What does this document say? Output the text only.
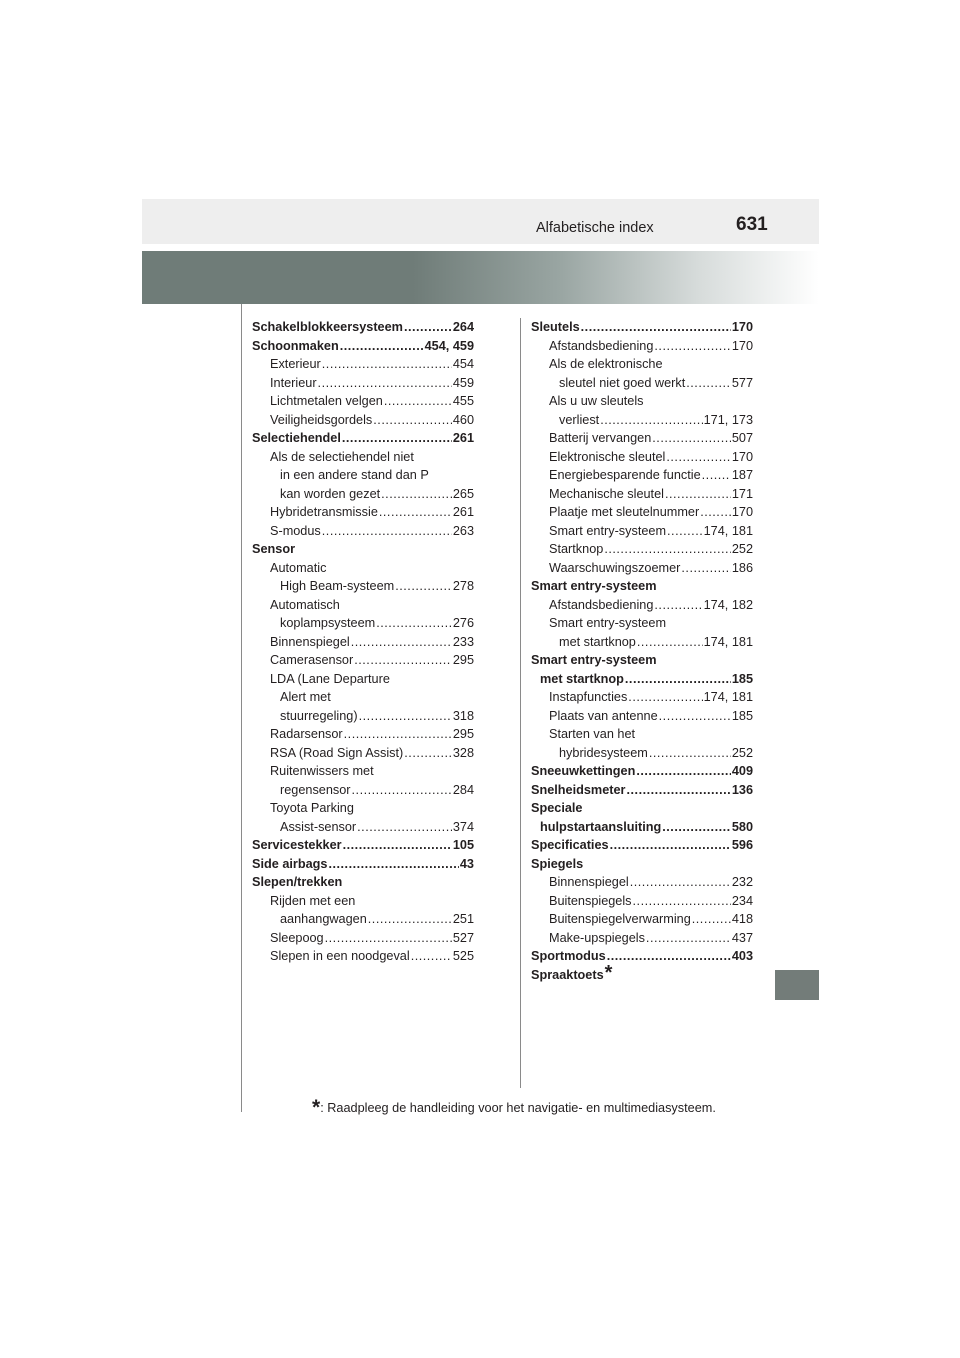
Alfabetische index	631
Schakelblokkeersysteem .....	264
Schoonmaken .....	454, 459
Exterieur .....	454
Interieur .....	459
Lichtmetalen velgen .....	455
Veiligheidsgordels .....	460
Selectiehendel .....	261
Als de selectiehendel niet
in een andere stand dan P
kan worden gezet .....	265
Hybridetransmissie .....	261
S-modus .....	263
Sensor
Automatic
High Beam-systeem .....	278
Automatisch
koplampsysteem .....	276
Binnenspiegel .....	233
Camerasensor .....	295
LDA (Lane Departure
Alert met
stuurregeling) .....	318
Radarsensor .....	295
RSA (Road Sign Assist) .....	328
Ruitenwissers met
regensensor .....	284
Toyota Parking
Assist-sensor .....	374
Servicestekker .....	105
Side airbags .....	43
Slepen/trekken
Rijden met een
aanhangwagen .....	251
Sleepoog .....	527
Slepen in een noodgeval .....	525
Sleutels .....	170
Afstandsbediening .....	170
Als de elektronische
sleutel niet goed werkt .....	577
Als u uw sleutels
verliest .....	171, 173
Batterij vervangen .....	507
Elektronische sleutel .....	170
Energiebesparende functie ..... 187
Mechanische sleutel .....	171
Plaatje met sleutelnummer .....	170
Smart entry-systeem .....	174, 181
Startknop .....	252
Waarschuwingszoemer .....	186
Smart entry-systeem
Afstandsbediening .....	174, 182
Smart entry-systeem
met startknop .....	174, 181
Smart entry-systeem
met startknop .....	185
Instapfuncties .....	174, 181
Plaats van antenne .....	185
Starten van het
hybridesysteem .....	252
Sneeuwkettingen .....	409
Snelheidsmeter .....	136
Speciale
hulpstartaansluiting .....	580
Specificaties .....	596
Spiegels
Binnenspiegel .....	232
Buitenspiegels .....	234
Buitenspiegelverwarming .....	418
Make-upspiegels .....	437
Sportmodus .....	403
Spraaktoets *
*: Raadpleeg de handleiding voor het navigatie- en multimediasysteem.
